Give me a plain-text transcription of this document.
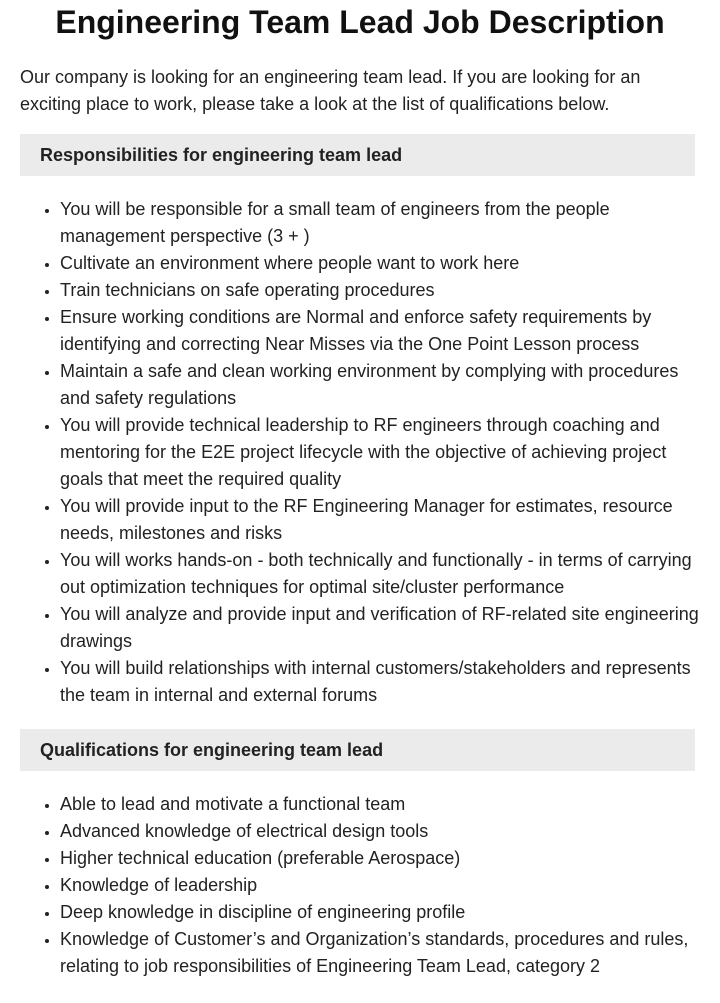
Engineering Team Lead Job Description

Our company is looking for an engineering team lead. If you are looking for an exciting place to work, please take a look at the list of qualifications below.

Responsibilities for engineering team lead
• You will be responsible for a small team of engineers from the people management perspective (3 + )
• Cultivate an environment where people want to work here
• Train technicians on safe operating procedures
• Ensure working conditions are Normal and enforce safety requirements by identifying and correcting Near Misses via the One Point Lesson process
• Maintain a safe and clean working environment by complying with procedures and safety regulations
• You will provide technical leadership to RF engineers through coaching and mentoring for the E2E project lifecycle with the objective of achieving project goals that meet the required quality
• You will provide input to the RF Engineering Manager for estimates, resource needs, milestones and risks
• You will works hands-on - both technically and functionally - in terms of carrying out optimization techniques for optimal site/cluster performance
• You will analyze and provide input and verification of RF-related site engineering drawings
• You will build relationships with internal customers/stakeholders and represents the team in internal and external forums
Qualifications for engineering team lead
• Able to lead and motivate a functional team
• Advanced knowledge of electrical design tools
• Higher technical education (preferable Aerospace)
• Knowledge of leadership
• Deep knowledge in discipline of engineering profile
• Knowledge of Customer’s and Organization’s standards, procedures and rules, relating to job responsibilities of Engineering Team Lead, category 2
